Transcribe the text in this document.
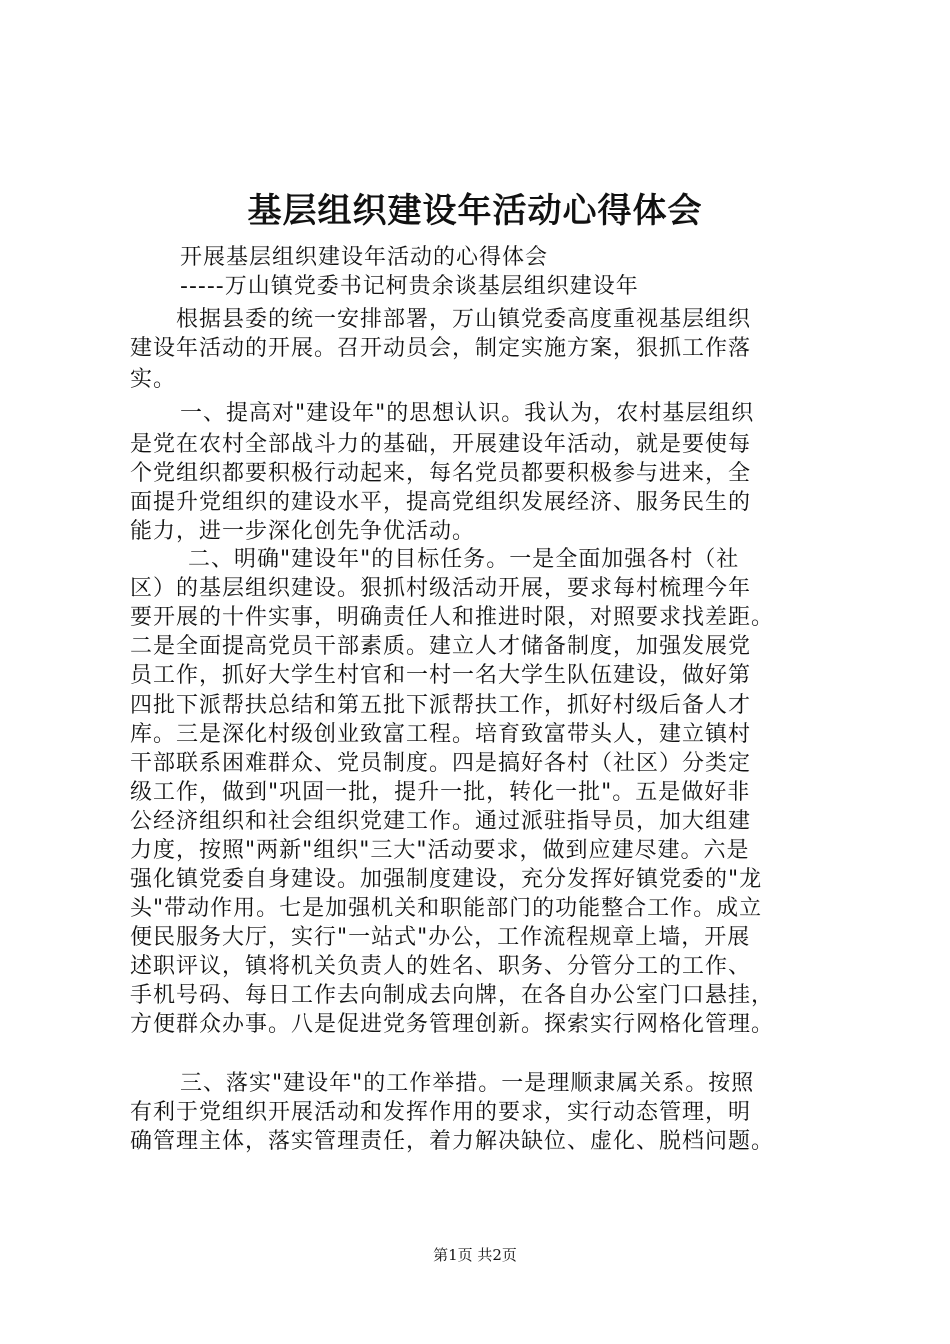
基层组织建设年活动心得体会
开展基层组织建设年活动的心得体会
-----万山镇党委书记柯贵余谈基层组织建设年
根据县委的统一安排部署，万山镇党委高度重视基层组织
建设年活动的开展。召开动员会，制定实施方案，狠抓工作落
实。
一、提高对"建设年"的思想认识。我认为，农村基层组织
是党在农村全部战斗力的基础，开展建设年活动，就是要使每
个党组织都要积极行动起来，每名党员都要积极参与进来，全
面提升党组织的建设水平，提高党组织发展经济、服务民生的
能力，进一步深化创先争优活动。
二、明确"建设年"的目标任务。一是全面加强各村（社
区）的基层组织建设。狠抓村级活动开展，要求每村梳理今年
要开展的十件实事，明确责任人和推进时限，对照要求找差距。
二是全面提高党员干部素质。建立人才储备制度，加强发展党
员工作，抓好大学生村官和一村一名大学生队伍建设，做好第
四批下派帮扶总结和第五批下派帮扶工作，抓好村级后备人才
库。三是深化村级创业致富工程。培育致富带头人，建立镇村
干部联系困难群众、党员制度。四是搞好各村（社区）分类定
级工作，做到"巩固一批，提升一批，转化一批"。五是做好非
公经济组织和社会组织党建工作。通过派驻指导员，加大组建
力度，按照"两新"组织"三大"活动要求，做到应建尽建。六是
强化镇党委自身建设。加强制度建设，充分发挥好镇党委的"龙
头"带动作用。七是加强机关和职能部门的功能整合工作。成立
便民服务大厅，实行"一站式"办公，工作流程规章上墙，开展
述职评议，镇将机关负责人的姓名、职务、分管分工的工作、
手机号码、每日工作去向制成去向牌，在各自办公室门口悬挂，
方便群众办事。八是促进党务管理创新。探索实行网格化管理。
三、落实"建设年"的工作举措。一是理顺隶属关系。按照
有利于党组织开展活动和发挥作用的要求，实行动态管理，明
确管理主体，落实管理责任，着力解决缺位、虚化、脱档问题。
第1页 共2页
